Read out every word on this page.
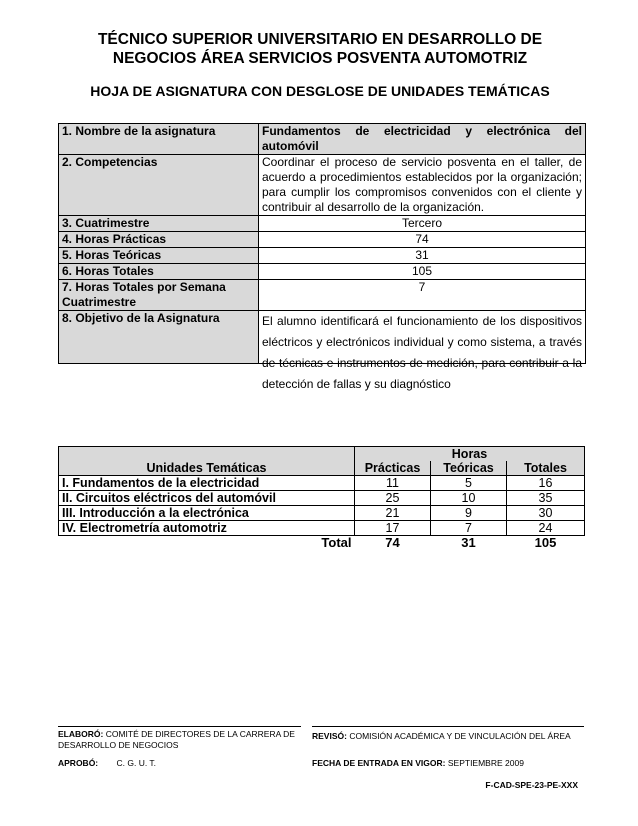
TÉCNICO SUPERIOR UNIVERSITARIO EN DESARROLLO DE NEGOCIOS ÁREA SERVICIOS POSVENTA AUTOMOTRIZ
HOJA DE ASIGNATURA CON DESGLOSE DE UNIDADES TEMÁTICAS
1. Nombre de la asignatura	Fundamentos de electricidad y electrónica del automóvil
2. Competencias	Coordinar el proceso de servicio posventa en el taller, de acuerdo a procedimientos establecidos por la organización; para cumplir los compromisos convenidos con el cliente y contribuir al desarrollo de la organización.
3. Cuatrimestre	Tercero
4. Horas Prácticas	74
5. Horas Teóricas	31
6. Horas Totales	105
7. Horas Totales por Semana Cuatrimestre	7
8. Objetivo de la Asignatura	El alumno identificará el funcionamiento de los dispositivos eléctricos y electrónicos individual y como sistema, a través de técnicas e instrumentos de medición, para contribuir a la detección de fallas y su diagnóstico
Unidades Temáticas	Horas		
	Prácticas	Teóricas	Totales
I. Fundamentos de la electricidad	11	5	16
II. Circuitos eléctricos del automóvil	25	10	35
III. Introducción a la electrónica	21	9	30
IV. Electrometría automotriz	17	7	24
Total	74	31	105
ELABORÓ: COMITÉ DE DIRECTORES DE LA CARRERA DE DESARROLLO DE NEGOCIOS
REVISÓ: COMISIÓN ACADÉMICA Y DE VINCULACIÓN DEL ÁREA
APROBÓ: C. G. U. T.	FECHA DE ENTRADA EN VIGOR: SEPTIEMBRE 2009
F-CAD-SPE-23-PE-XXX
